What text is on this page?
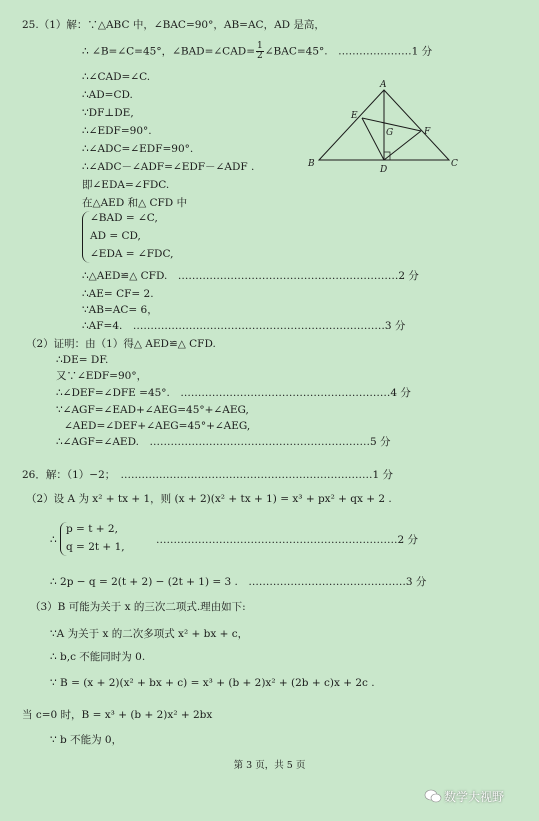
25.（1）解：∵△ABC 中，∠BAC=90°，AB=AC，AD 是高，
∴ ∠B=∠C=45°，∠BAD=∠CAD= $\frac{1}{2}$ ∠BAC=45°.　…………………1 分
∴∠CAD=∠C.
∴AD=CD.
∵DF⊥DE,
∴∠EDF=90°.
∴∠ADC=∠EDF=90°.
∴∠ADC－∠ADF=∠EDF－∠ADF .
即∠EDA=∠FDC.
在△AED 和△ CFD 中
∠BAD = ∠C,
AD = CD,
∠EDA = ∠FDC,
∴△AED≌△ CFD.　………………………………………………………2 分
∴AE= CF= 2.
∵AB=AC= 6，
∴AF=4.　………………………………………………………………3 分
（2）证明：由（1）得△ AED≌△ CFD.
∴DE= DF.
又∵∠EDF=90°，
∴∠DEF=∠DFE =45°.　……………………………………………………4 分
∵∠AGF=∠EAD+∠AEG=45°+∠AEG,
∠AED=∠DEF+∠AEG=45°+∠AEG,
∴∠AGF=∠AED.　………………………………………………………5 分
A
B	C
D
E
F
G
26．解：（1）−2；　………………………………………………………………1 分
（2）设 A 为 x² + tx + 1，则 (x + 2)(x² + tx + 1) = x³ + px² + qx + 2 .
∴
p = t + 2,
q = 2t + 1,
……………………………………………………………2 分
∴ 2p − q = 2(t + 2) − (2t + 1) = 3 .　………………………………………3 分
（3）B 可能为关于 x 的三次二项式.理由如下:
∵A 为关于 x 的二次多项式 x² + bx + c，
∴ b,c 不能同时为 0.
∵ B = (x + 2)(x² + bx + c) = x³ + (b + 2)x² + (2b + c)x + 2c .
当 c=0 时，B = x³ + (b + 2)x² + 2bx
∵ b 不能为 0，
第 3 页，共 5 页
数学大视野
